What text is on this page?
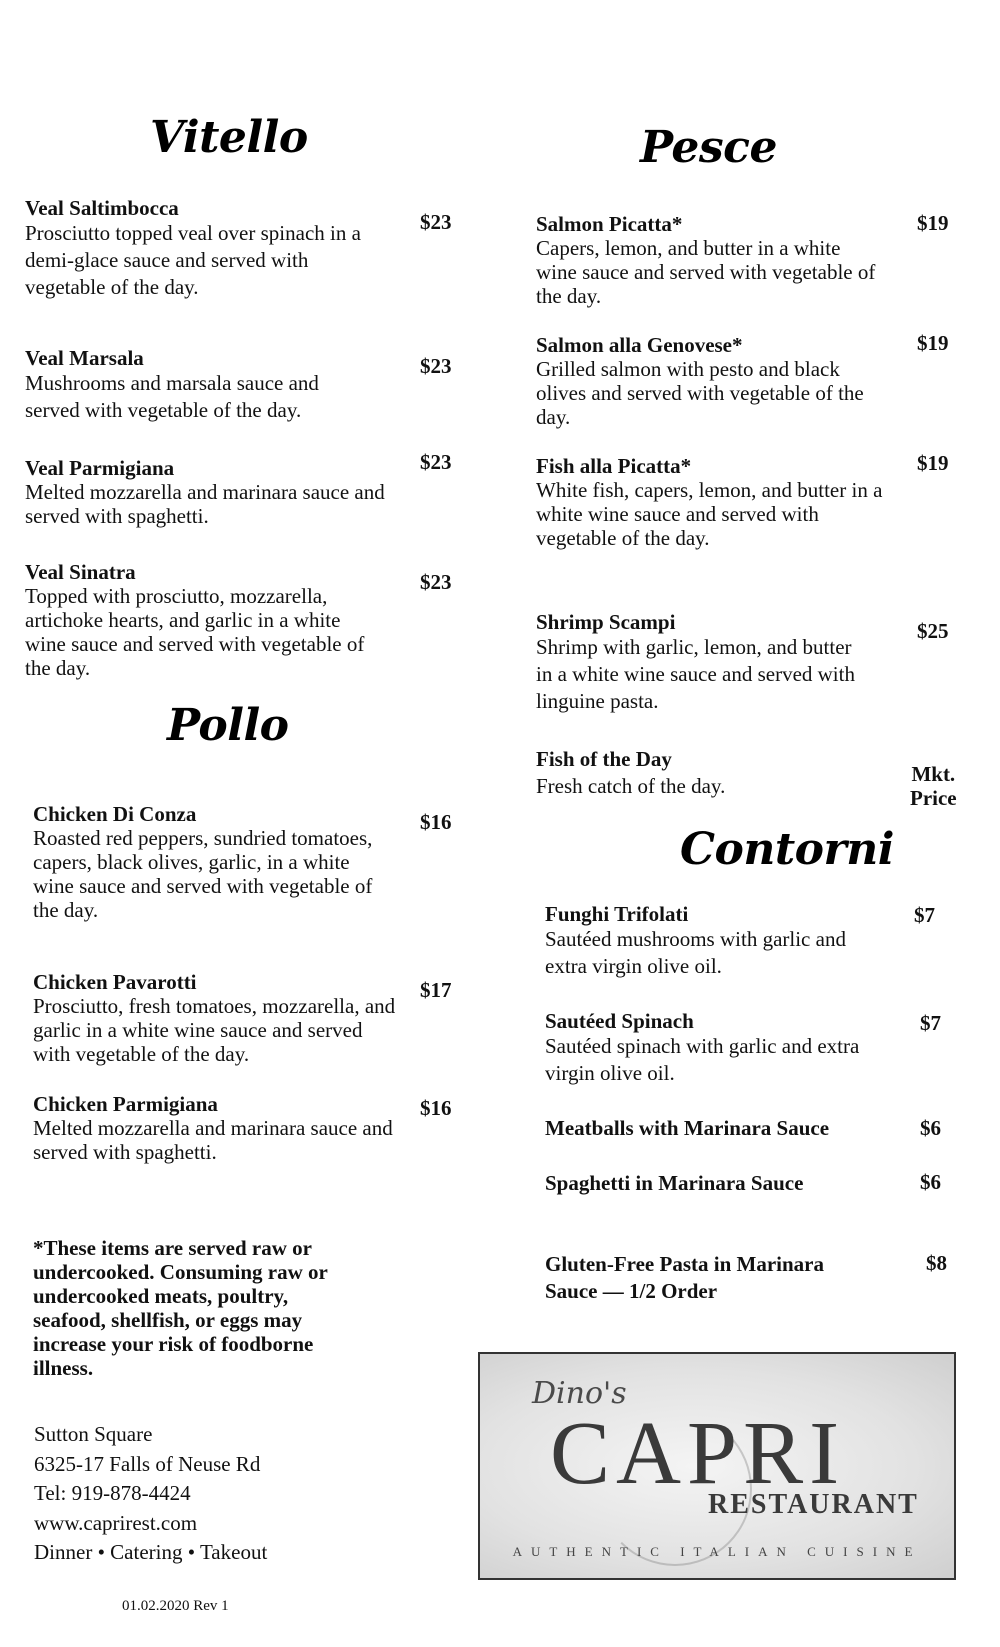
Vitello
Veal Saltimbocca
Prosciutto topped veal over spinach in a demi-glace sauce and served with vegetable of the day.
$23
Veal Marsala
Mushrooms and marsala sauce and served with vegetable of the day.
$23
Veal Parmigiana
Melted mozzarella and marinara sauce and served with spaghetti.
$23
Veal Sinatra
Topped with prosciutto, mozzarella, artichoke hearts, and garlic in a white wine sauce and served with vegetable of the day.
$23
Pollo
Chicken Di Conza
Roasted red peppers, sundried tomatoes, capers, black olives, garlic, in a white wine sauce and served with vegetable of the day.
$16
Chicken Pavarotti
Prosciutto, fresh tomatoes, mozzarella, and garlic in a white wine sauce and served with vegetable of the day.
$17
Chicken Parmigiana
Melted mozzarella and marinara sauce and served with spaghetti.
$16
*These items are served raw or undercooked. Consuming raw or undercooked meats, poultry, seafood, shellfish, or eggs may increase your risk of foodborne illness.
Sutton Square
6325-17 Falls of Neuse Rd
Tel: 919-878-4424
www.caprirest.com
Dinner • Catering • Takeout
01.02.2020 Rev 1
Pesce
Salmon Picatta*
Capers, lemon, and butter in a white wine sauce and served with vegetable of the day.
$19
Salmon alla Genovese*
Grilled salmon with pesto and black olives and served with vegetable of the day.
$19
Fish alla Picatta*
White fish, capers, lemon, and butter in a white wine sauce and served with vegetable of the day.
$19
Shrimp Scampi
Shrimp with garlic, lemon, and butter in a white wine sauce and served with linguine pasta.
$25
Fish of the Day
Fresh catch of the day.	Mkt.
Price
Contorni
Funghi Trifolati
Sautéed mushrooms with garlic and extra virgin olive oil.
$7
Sautéed Spinach
Sautéed spinach with garlic and extra virgin olive oil.
$7
Meatballs with Marinara Sauce	$6
Spaghetti in Marinara Sauce	$6
Gluten-Free Pasta in Marinara Sauce — 1/2 Order
$8
Dino's
CAPRI
RESTAURANT
AUTHENTIC ITALIAN CUISINE
